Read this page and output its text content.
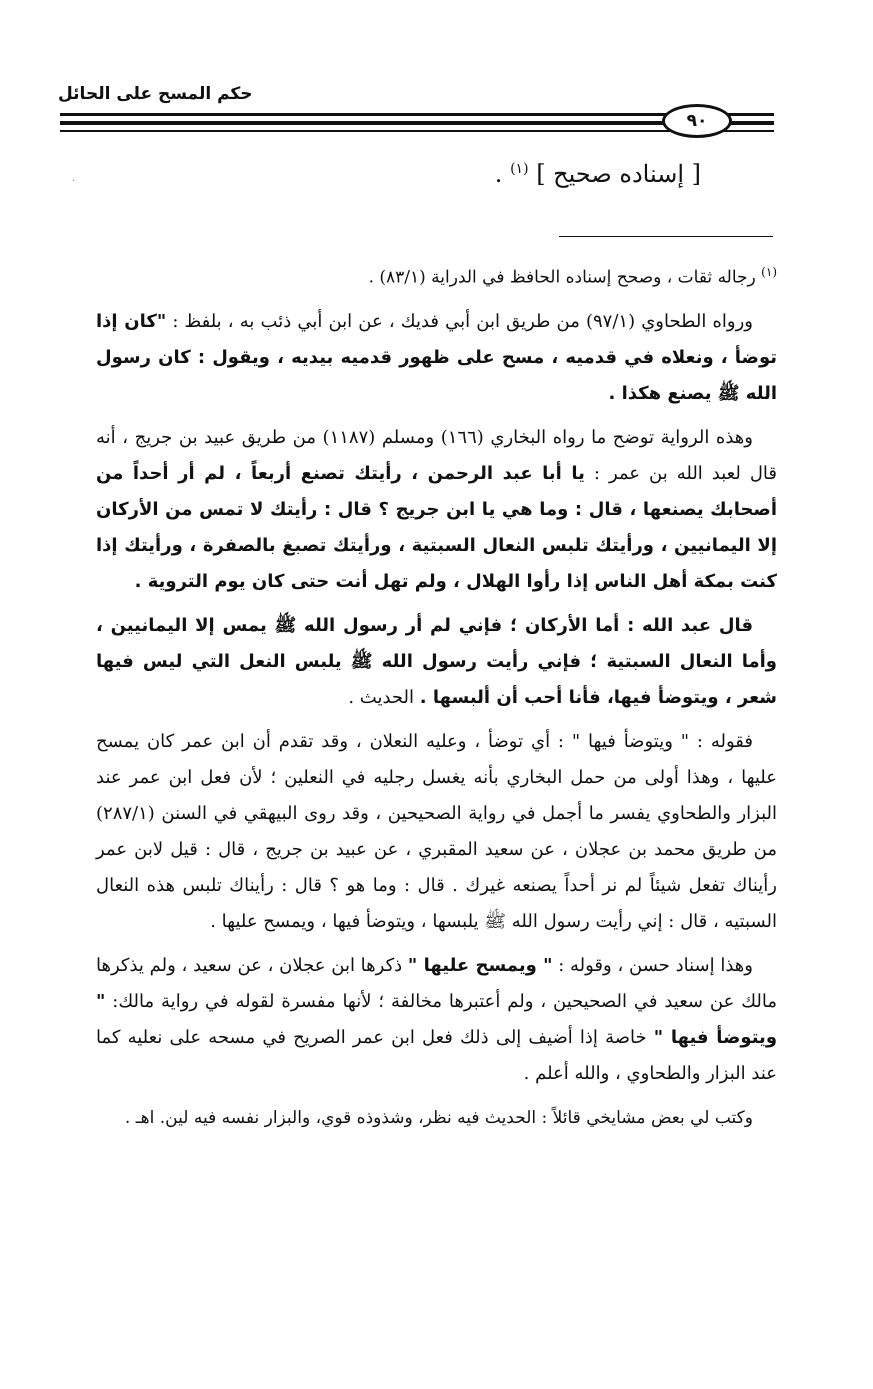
حكم المسح على الحائل
٩٠
[ إسناده صحيح ] $^{(١)}$ .
·

$^{(١)}$ رجاله ثقات ، وصحح إسناده الحافظ في الدراية (٨٣/١) .

ورواه الطحاوي (٩٧/١) من طريق ابن أبي فديك ، عن ابن أبي ذئب به ، بلفظ : "كان إذا توضأ ، ونعلاه في قدميه ، مسح على ظهور قدميه بيديه ، ويقول : كان رسول الله ﷺ يصنع هكذا .

وهذه الرواية توضح ما رواه البخاري (١٦٦) ومسلم (١١٨٧) من طريق عبيد بن جريج ، أنه قال لعبد الله بن عمر : يا أبا عبد الرحمن ، رأيتك تصنع أربعاً ، لم أر أحداً من أصحابك يصنعها ، قال : وما هي يا ابن جريج ؟ قال : رأيتك لا تمس من الأركان إلا اليمانيين ، ورأيتك تلبس النعال السبتية ، ورأيتك تصبغ بالصفرة ، ورأيتك إذا كنت بمكة أهل الناس إذا رأوا الهلال ، ولم تهل أنت حتى كان يوم التروية .

قال عبد الله : أما الأركان ؛ فإني لم أر رسول الله ﷺ يمس إلا اليمانيين ، وأما النعال السبتية ؛ فإني رأيت رسول الله ﷺ يلبس النعل التي ليس فيها شعر ، ويتوضأ فيها، فأنا أحب أن ألبسها . الحديث .

فقوله : " ويتوضأ فيها " : أي توضأ ، وعليه النعلان ، وقد تقدم أن ابن عمر كان يمسح عليها ، وهذا أولى من حمل البخاري بأنه يغسل رجليه في النعلين ؛ لأن فعل ابن عمر عند البزار والطحاوي يفسر ما أجمل في رواية الصحيحين ، وقد روى البيهقي في السنن (٢٨٧/١) من طريق محمد بن عجلان ، عن سعيد المقبري ، عن عبيد بن جريج ، قال : قيل لابن عمر رأيناك تفعل شيئاً لم نر أحداً يصنعه غيرك . قال : وما هو ؟ قال : رأيناك تلبس هذه النعال السبتيه ، قال : إني رأيت رسول الله ﷺ يلبسها ، ويتوضأ فيها ، ويمسح عليها .

وهذا إسناد حسن ، وقوله : " ويمسح عليها " ذكرها ابن عجلان ، عن سعيد ، ولم يذكرها مالك عن سعيد في الصحيحين ، ولم أعتبرها مخالفة ؛ لأنها مفسرة لقوله في رواية مالك: " ويتوضأ فيها " خاصة إذا أضيف إلى ذلك فعل ابن عمر الصريح في مسحه على نعليه كما عند البزار والطحاوي ، والله أعلم .

وكتب لي بعض مشايخي قائلاً : الحديث فيه نظر، وشذوذه قوي، والبزار نفسه فيه لين. اهـ .
